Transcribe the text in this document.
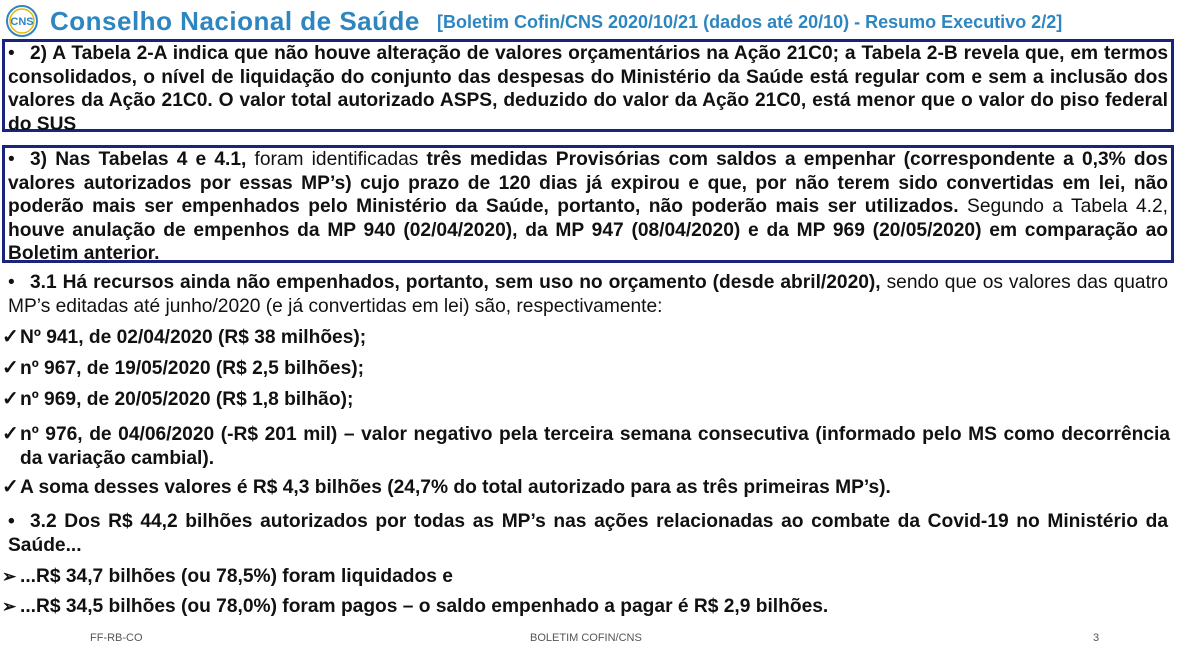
CNS Conselho Nacional de Saúde [Boletim Cofin/CNS 2020/10/21 (dados até 20/10) - Resumo Executivo 2/2]
• 2) A Tabela 2-A indica que não houve alteração de valores orçamentários na Ação 21C0; a Tabela 2-B revela que, em termos consolidados, o nível de liquidação do conjunto das despesas do Ministério da Saúde está regular com e sem a inclusão dos valores da Ação 21C0. O valor total autorizado ASPS, deduzido do valor da Ação 21C0, está menor que o valor do piso federal do SUS
• 3) Nas Tabelas 4 e 4.1, foram identificadas três medidas Provisórias com saldos a empenhar (correspondente a 0,3% dos valores autorizados por essas MP’s) cujo prazo de 120 dias já expirou e que, por não terem sido convertidas em lei, não poderão mais ser empenhados pelo Ministério da Saúde, portanto, não poderão mais ser utilizados. Segundo a Tabela 4.2, houve anulação de empenhos da MP 940 (02/04/2020), da MP 947 (08/04/2020) e da MP 969 (20/05/2020) em comparação ao Boletim anterior.
• 3.1 Há recursos ainda não empenhados, portanto, sem uso no orçamento (desde abril/2020), sendo que os valores das quatro MP’s editadas até junho/2020 (e já convertidas em lei) são, respectivamente:
✓ Nº 941, de 02/04/2020 (R$ 38 milhões);
✓ nº 967, de 19/05/2020 (R$ 2,5 bilhões);
✓ nº 969, de 20/05/2020 (R$ 1,8 bilhão);
✓ nº 976, de 04/06/2020 (-R$ 201 mil) – valor negativo pela terceira semana consecutiva (informado pelo MS como decorrência da variação cambial).
✓ A soma desses valores é R$ 4,3 bilhões (24,7% do total autorizado para as três primeiras MP’s).
• 3.2 Dos R$ 44,2 bilhões autorizados por todas as MP’s nas ações relacionadas ao combate da Covid-19 no Ministério da Saúde...
➢ ...R$ 34,7 bilhões (ou 78,5%) foram liquidados e
➢ ...R$ 34,5 bilhões (ou 78,0%) foram pagos – o saldo empenhado a pagar é R$ 2,9 bilhões.
FF-RB-CO	BOLETIM COFIN/CNS	3
